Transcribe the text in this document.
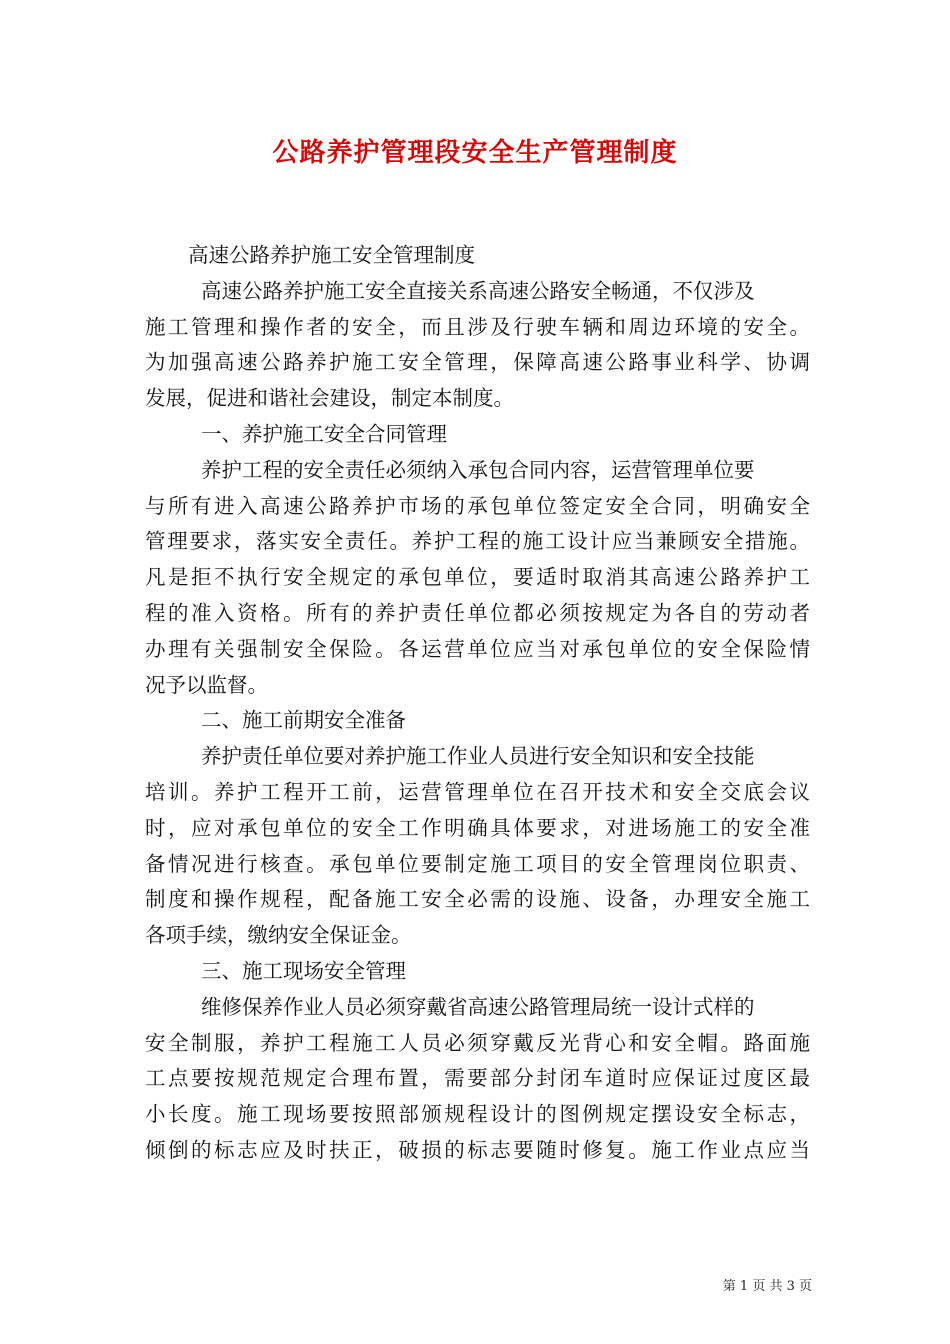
公路养护管理段安全生产管理制度
高速公路养护施工安全管理制度
高速公路养护施工安全直接关系高速公路安全畅通，不仅涉及
施工管理和操作者的安全，而且涉及行驶车辆和周边环境的安全。
为加强高速公路养护施工安全管理，保障高速公路事业科学、协调
发展，促进和谐社会建设，制定本制度。
一、养护施工安全合同管理
养护工程的安全责任必须纳入承包合同内容，运营管理单位要
与所有进入高速公路养护市场的承包单位签定安全合同，明确安全
管理要求，落实安全责任。养护工程的施工设计应当兼顾安全措施。
凡是拒不执行安全规定的承包单位，要适时取消其高速公路养护工
程的准入资格。所有的养护责任单位都必须按规定为各自的劳动者
办理有关强制安全保险。各运营单位应当对承包单位的安全保险情
况予以监督。
二、施工前期安全准备
养护责任单位要对养护施工作业人员进行安全知识和安全技能
培训。养护工程开工前，运营管理单位在召开技术和安全交底会议
时，应对承包单位的安全工作明确具体要求，对进场施工的安全准
备情况进行核查。承包单位要制定施工项目的安全管理岗位职责、
制度和操作规程，配备施工安全必需的设施、设备，办理安全施工
各项手续，缴纳安全保证金。
三、施工现场安全管理
维修保养作业人员必须穿戴省高速公路管理局统一设计式样的
安全制服，养护工程施工人员必须穿戴反光背心和安全帽。路面施
工点要按规范规定合理布置，需要部分封闭车道时应保证过度区最
小长度。施工现场要按照部颁规程设计的图例规定摆设安全标志，
倾倒的标志应及时扶正，破损的标志要随时修复。施工作业点应当
第 1 页 共 3 页
